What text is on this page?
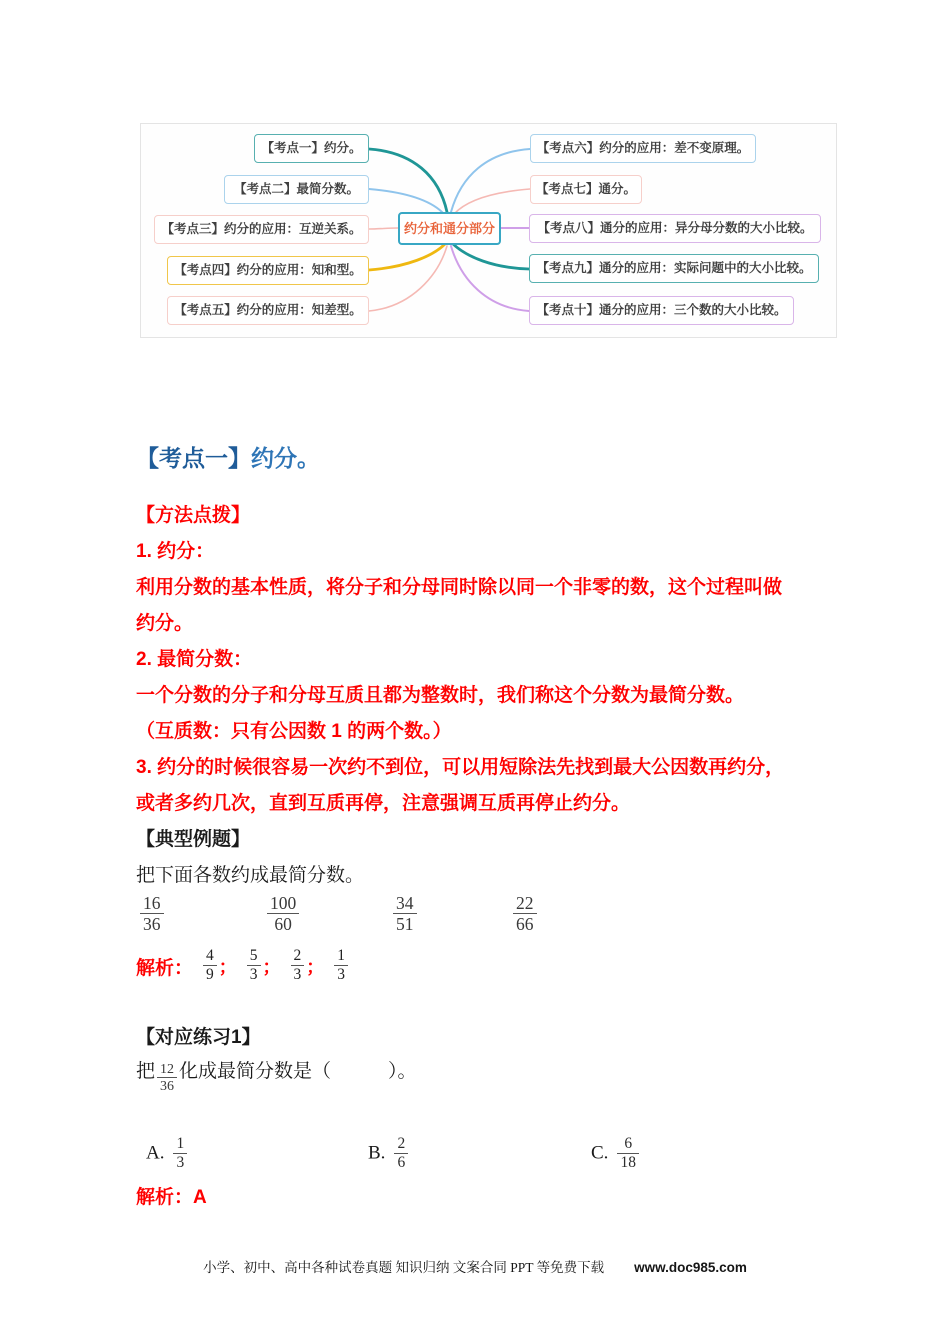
【考点一】约分。
【考点二】最简分数。
【考点三】约分的应用：互逆关系。
【考点四】约分的应用：知和型。
【考点五】约分的应用：知差型。
【考点六】约分的应用：差不变原理。
【考点七】通分。
【考点八】通分的应用：异分母分数的大小比较。
【考点九】通分的应用：实际问题中的大小比较。
【考点十】通分的应用：三个数的大小比较。
约分和通分部分
【考点一】约分。

【方法点拨】

1. 约分：

利用分数的基本性质，将分子和分母同时除以同一个非零的数，这个过程叫做

约分。

2. 最简分数：

一个分数的分子和分母互质且都为整数时，我们称这个分数为最简分数。

（互质数：只有公因数 1 的两个数。）

3. 约分的时候很容易一次约不到位，可以用短除法先找到最大公因数再约分，

或者多约几次，直到互质再停，注意强调互质再停止约分。

【典型例题】

把下面各数约成最简分数。

$\frac{16}{36}$	$\frac{100}{60}$	$\frac{34}{51}$	$\frac{22}{66}$
解析： $\frac{4}{9}$ ； $\frac{5}{3}$ ； $\frac{2}{3}$ ； $\frac{1}{3}$

【对应练习1】

把 $\frac{12}{36}$ 化成最简分数是（　　　）。
A. $\frac{1}{3}$	B. $\frac{2}{6}$	C. $\frac{6}{18}$

解析：A

小学、初中、高中各种试卷真题 知识归纳 文案合同 PPT 等免费下载 www.doc985.com
